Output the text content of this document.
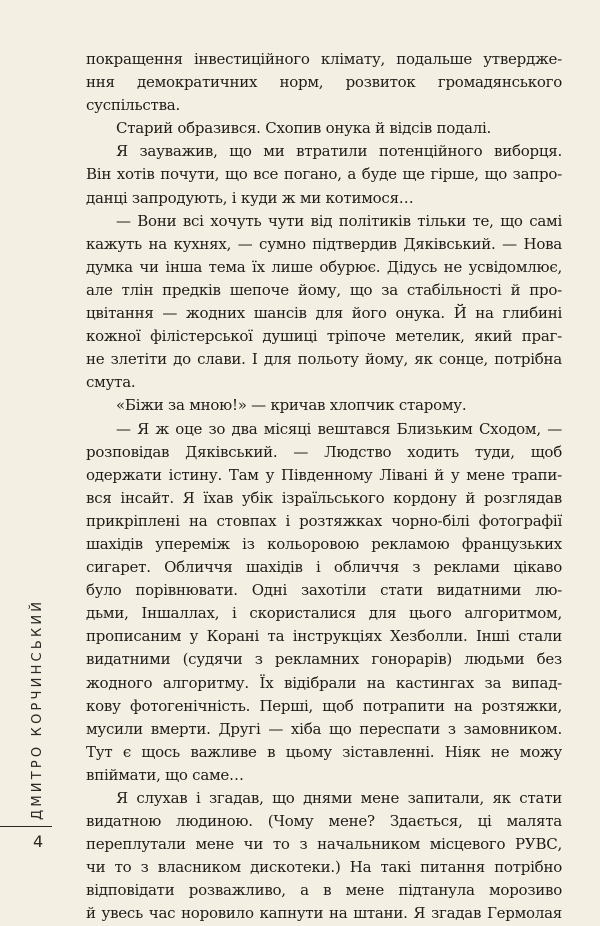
покращення інвестиційного клімату, подальше утвердже-
ння демократичних норм, розвиток громадянського
суспільства.
Старий образився. Схопив онука й відсів подалі.
Я зауважив, що ми втратили потенційного виборця.
Він хотів почути, що все погано, а буде ще гірше, що запро-
данці запродують, і куди ж ми котимося…
— Вони всі хочуть чути від політиків тільки те, що самі
кажуть на кухнях, — сумно підтвердив Дяківський. — Нова
думка чи інша тема їх лише обурює. Дідусь не усвідомлює,
але тлін предків шепоче йому, що за стабільності й про-
цвітання — жодних шансів для його онука. Й на глибині
кожної філістерської душиці тріпоче метелик, який праг-
не злетіти до слави. І для польоту йому, як сонце, потрібна
смута.
«Біжи за мною!» — кричав хлопчик старому.
— Я ж оце зо два місяці вештався Близьким Сходом, —
розповідав Дяківський. — Людство ходить туди, щоб
одержати істину. Там у Південному Лівані й у мене трапи-
вся інсайт. Я їхав убік ізраїльського кордону й розглядав
прикріплені на стовпах і розтяжках чорно-білі фотографії
шахідів упереміж із кольоровою рекламою французьких
сигарет. Обличчя шахідів і обличчя з реклами цікаво
було порівнювати. Одні захотіли стати видатними лю-
дьми, Іншаллах, і скористалися для цього алгоритмом,
прописаним у Корані та інструкціях Хезболли. Інші стали
видатними (судячи з рекламних гонорарів) людьми без
жодного алгоритму. Їх відібрали на кастингах за випад-
кову фотогенічність. Перші, щоб потрапити на розтяжки,
мусили вмерти. Другі — хіба що переспати з замовником.
Тут є щось важливе в цьому зіставленні. Ніяк не можу
впіймати, що саме…
Я слухав і згадав, що днями мене запитали, як стати
видатною людиною. (Чому мене? Здається, ці малята
переплутали мене чи то з начальником місцевого РУВС,
чи то з власником дискотеки.) На такі питання потрібно
відповідати розважливо, а в мене підтанула морозиво
й увесь час норовило капнути на штани. Я згадав Гермолая
ДМИТРО КОРЧИНСЬКИЙ
4
